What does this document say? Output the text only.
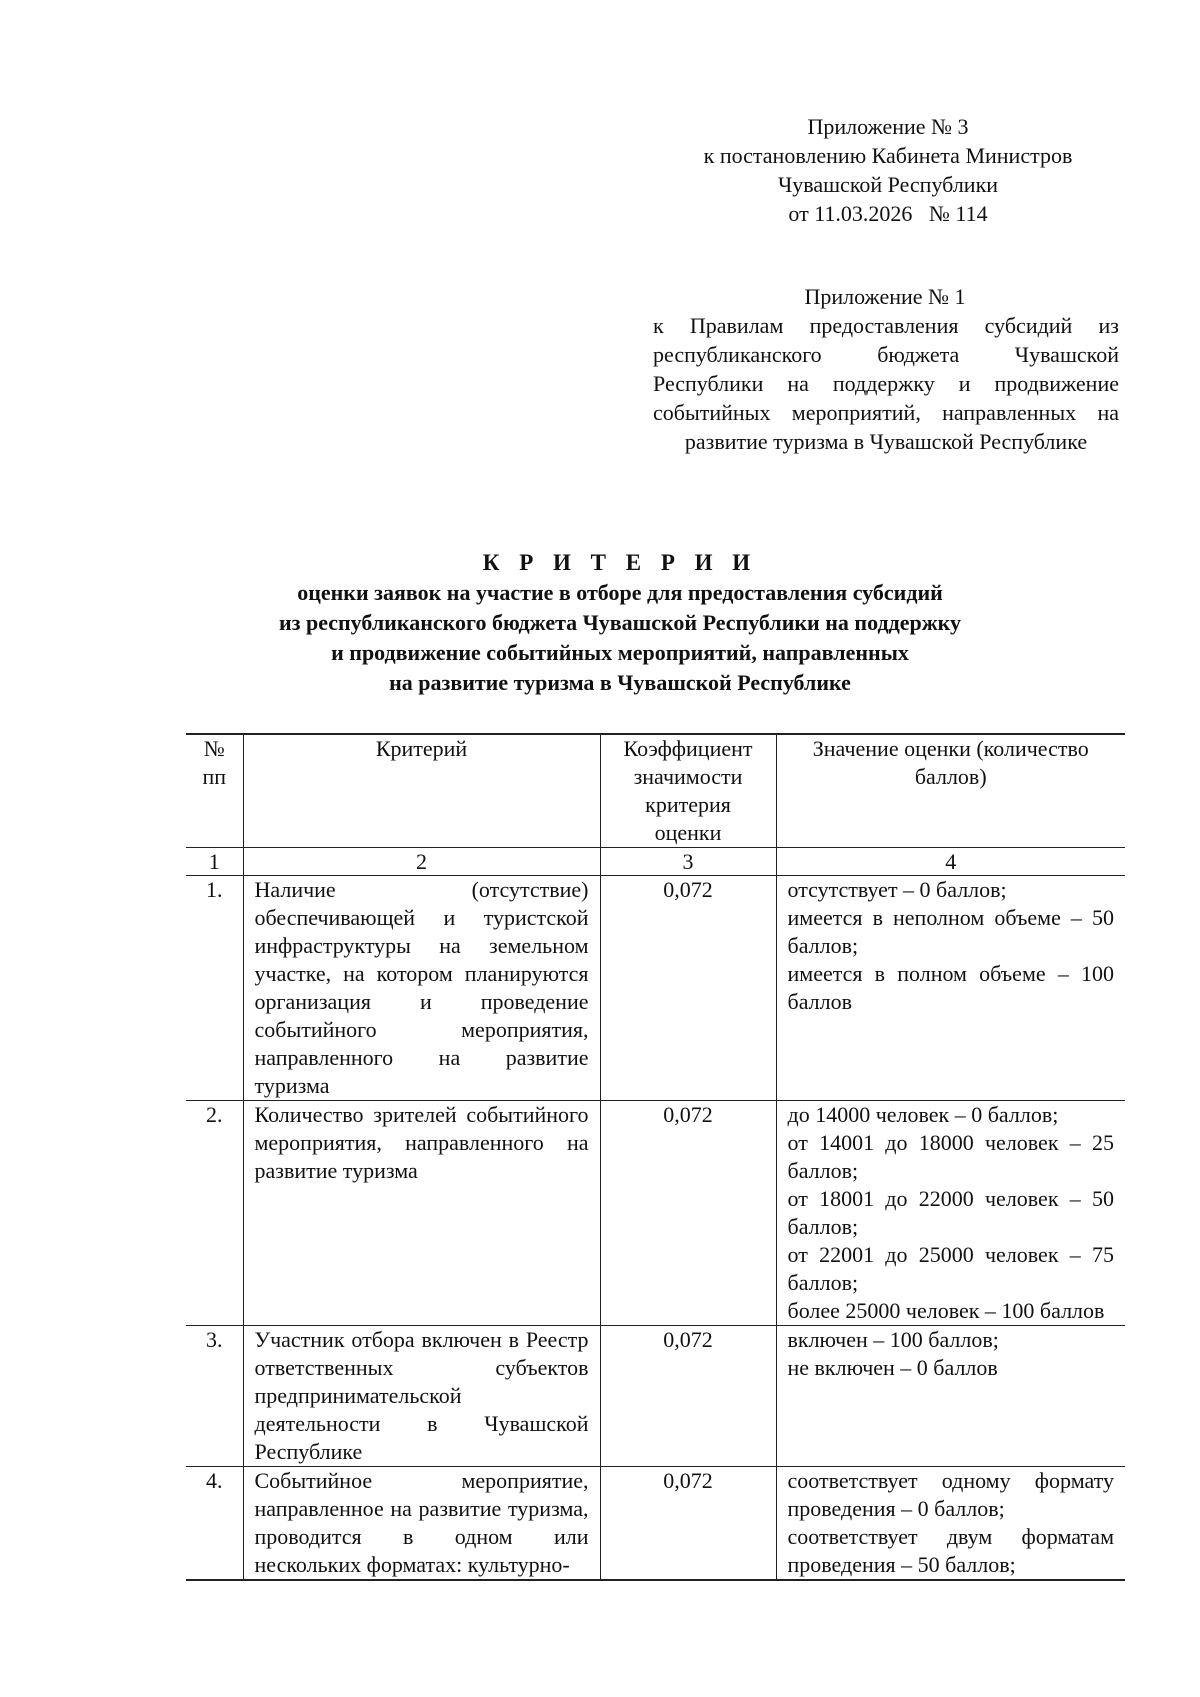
Приложение № 3
к постановлению Кабинета Министров
Чувашской Республики
от 11.03.2026   № 114
Приложение № 1
к Правилам предоставления субсидий из республиканского бюджета Чувашской Республики на поддержку и продвижение событийных мероприятий, направленных на развитие туризма в Чувашской Республике
К Р И Т Е Р И И
оценки заявок на участие в отборе для предоставления субсидий
из республиканского бюджета Чувашской Республики на поддержку
и продвижение событийных мероприятий, направленных
на развитие туризма в Чувашской Республике
№ пп	Критерий	Коэффициент значимости критерия оценки	Значение оценки (количество баллов)
1	2	3	4
1.	Наличие (отсутствие) обеспечивающей и туристской инфраструктуры на земельном участке, на котором планируются организация и проведение событийного мероприятия, направленного на развитие туризма	0,072	отсутствует – 0 баллов;
имеется в неполном объеме – 50 баллов;
имеется в полном объеме – 100 баллов

2.	Количество зрителей событийного мероприятия, направленного на развитие туризма	0,072	до 14000 человек – 0 баллов;
от 14001 до 18000 человек – 25 баллов;
от 18001 до 22000 человек – 50 баллов;
от 22001 до 25000 человек – 75 баллов;
более 25000 человек – 100 баллов

3.	Участник отбора включен в Реестр ответственных субъектов предпринимательской деятельности в Чувашской Республике	0,072	включен – 100 баллов;
не включен – 0 баллов

4.	Событийное мероприятие, направленное на развитие туризма, проводится в одном или нескольких форматах: культурно-	0,072	соответствует одному формату проведения – 0 баллов;
соответствует двум форматам проведения – 50 баллов;
